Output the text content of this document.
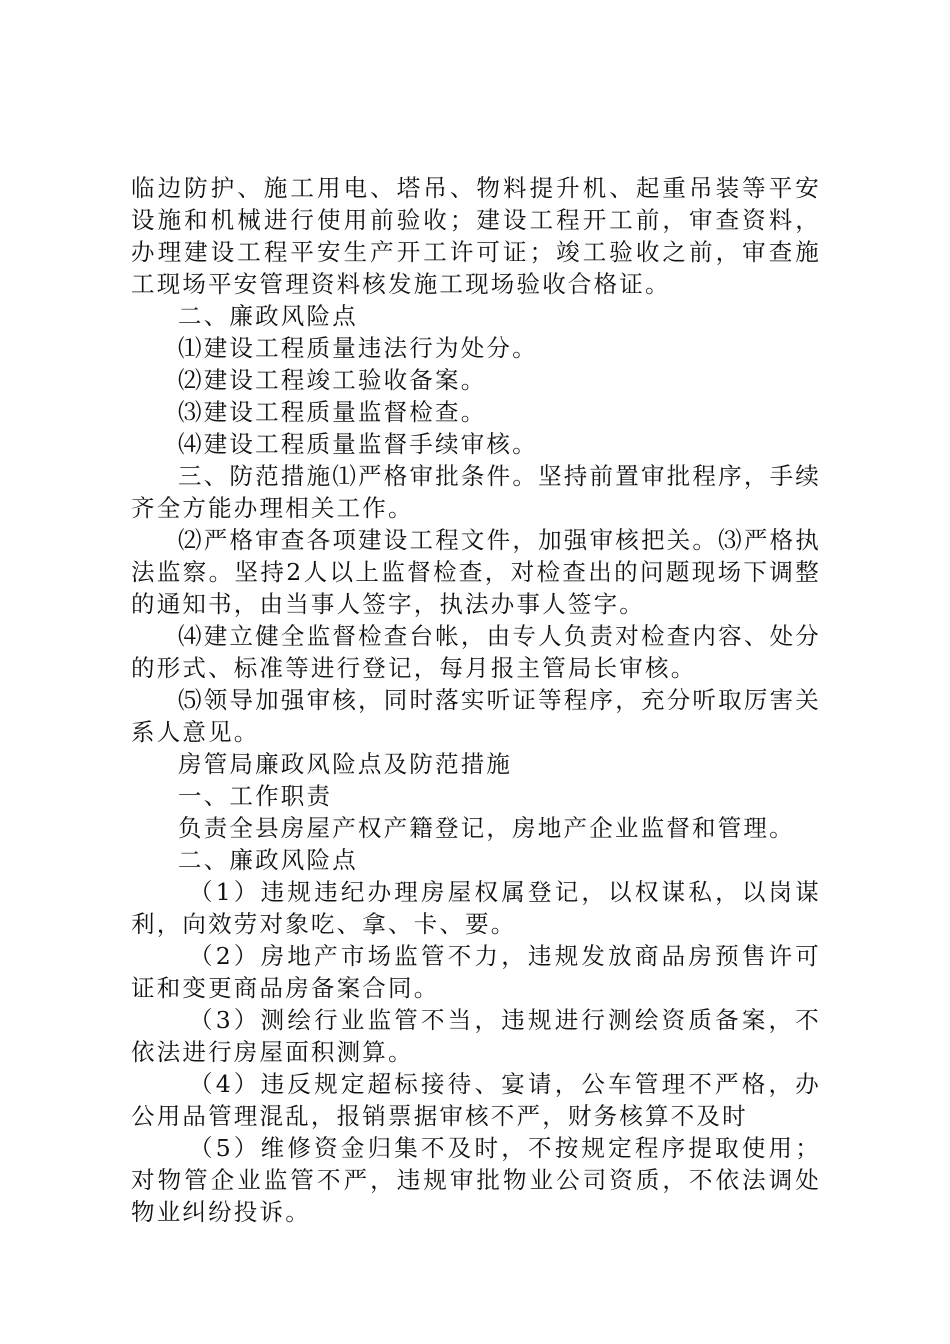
临边防护、施工用电、塔吊、物料提升机、起重吊装等平安设施和机械进行使用前验收；建设工程开工前，审查资料，办理建设工程平安生产开工许可证；竣工验收之前，审查施工现场平安管理资料核发施工现场验收合格证。

二、廉政风险点

⑴建设工程质量违法行为处分。

⑵建设工程竣工验收备案。

⑶建设工程质量监督检查。

⑷建设工程质量监督手续审核。

三、防范措施⑴严格审批条件。坚持前置审批程序，手续齐全方能办理相关工作。

⑵严格审查各项建设工程文件，加强审核把关。⑶严格执法监察。坚持2人以上监督检查，对检查出的问题现场下调整的通知书，由当事人签字，执法办事人签字。

⑷建立健全监督检查台帐，由专人负责对检查内容、处分的形式、标准等进行登记，每月报主管局长审核。

⑸领导加强审核，同时落实听证等程序，充分听取厉害关系人意见。

房管局廉政风险点及防范措施

一、工作职责

负责全县房屋产权产籍登记，房地产企业监督和管理。

二、廉政风险点

（1）违规违纪办理房屋权属登记，以权谋私，以岗谋利，向效劳对象吃、拿、卡、要。

（2）房地产市场监管不力，违规发放商品房预售许可证和变更商品房备案合同。

（3）测绘行业监管不当，违规进行测绘资质备案，不依法进行房屋面积测算。

（4）违反规定超标接待、宴请，公车管理不严格，办公用品管理混乱，报销票据审核不严，财务核算不及时

（5）维修资金归集不及时，不按规定程序提取使用；对物管企业监管不严，违规审批物业公司资质，不依法调处物业纠纷投诉。
